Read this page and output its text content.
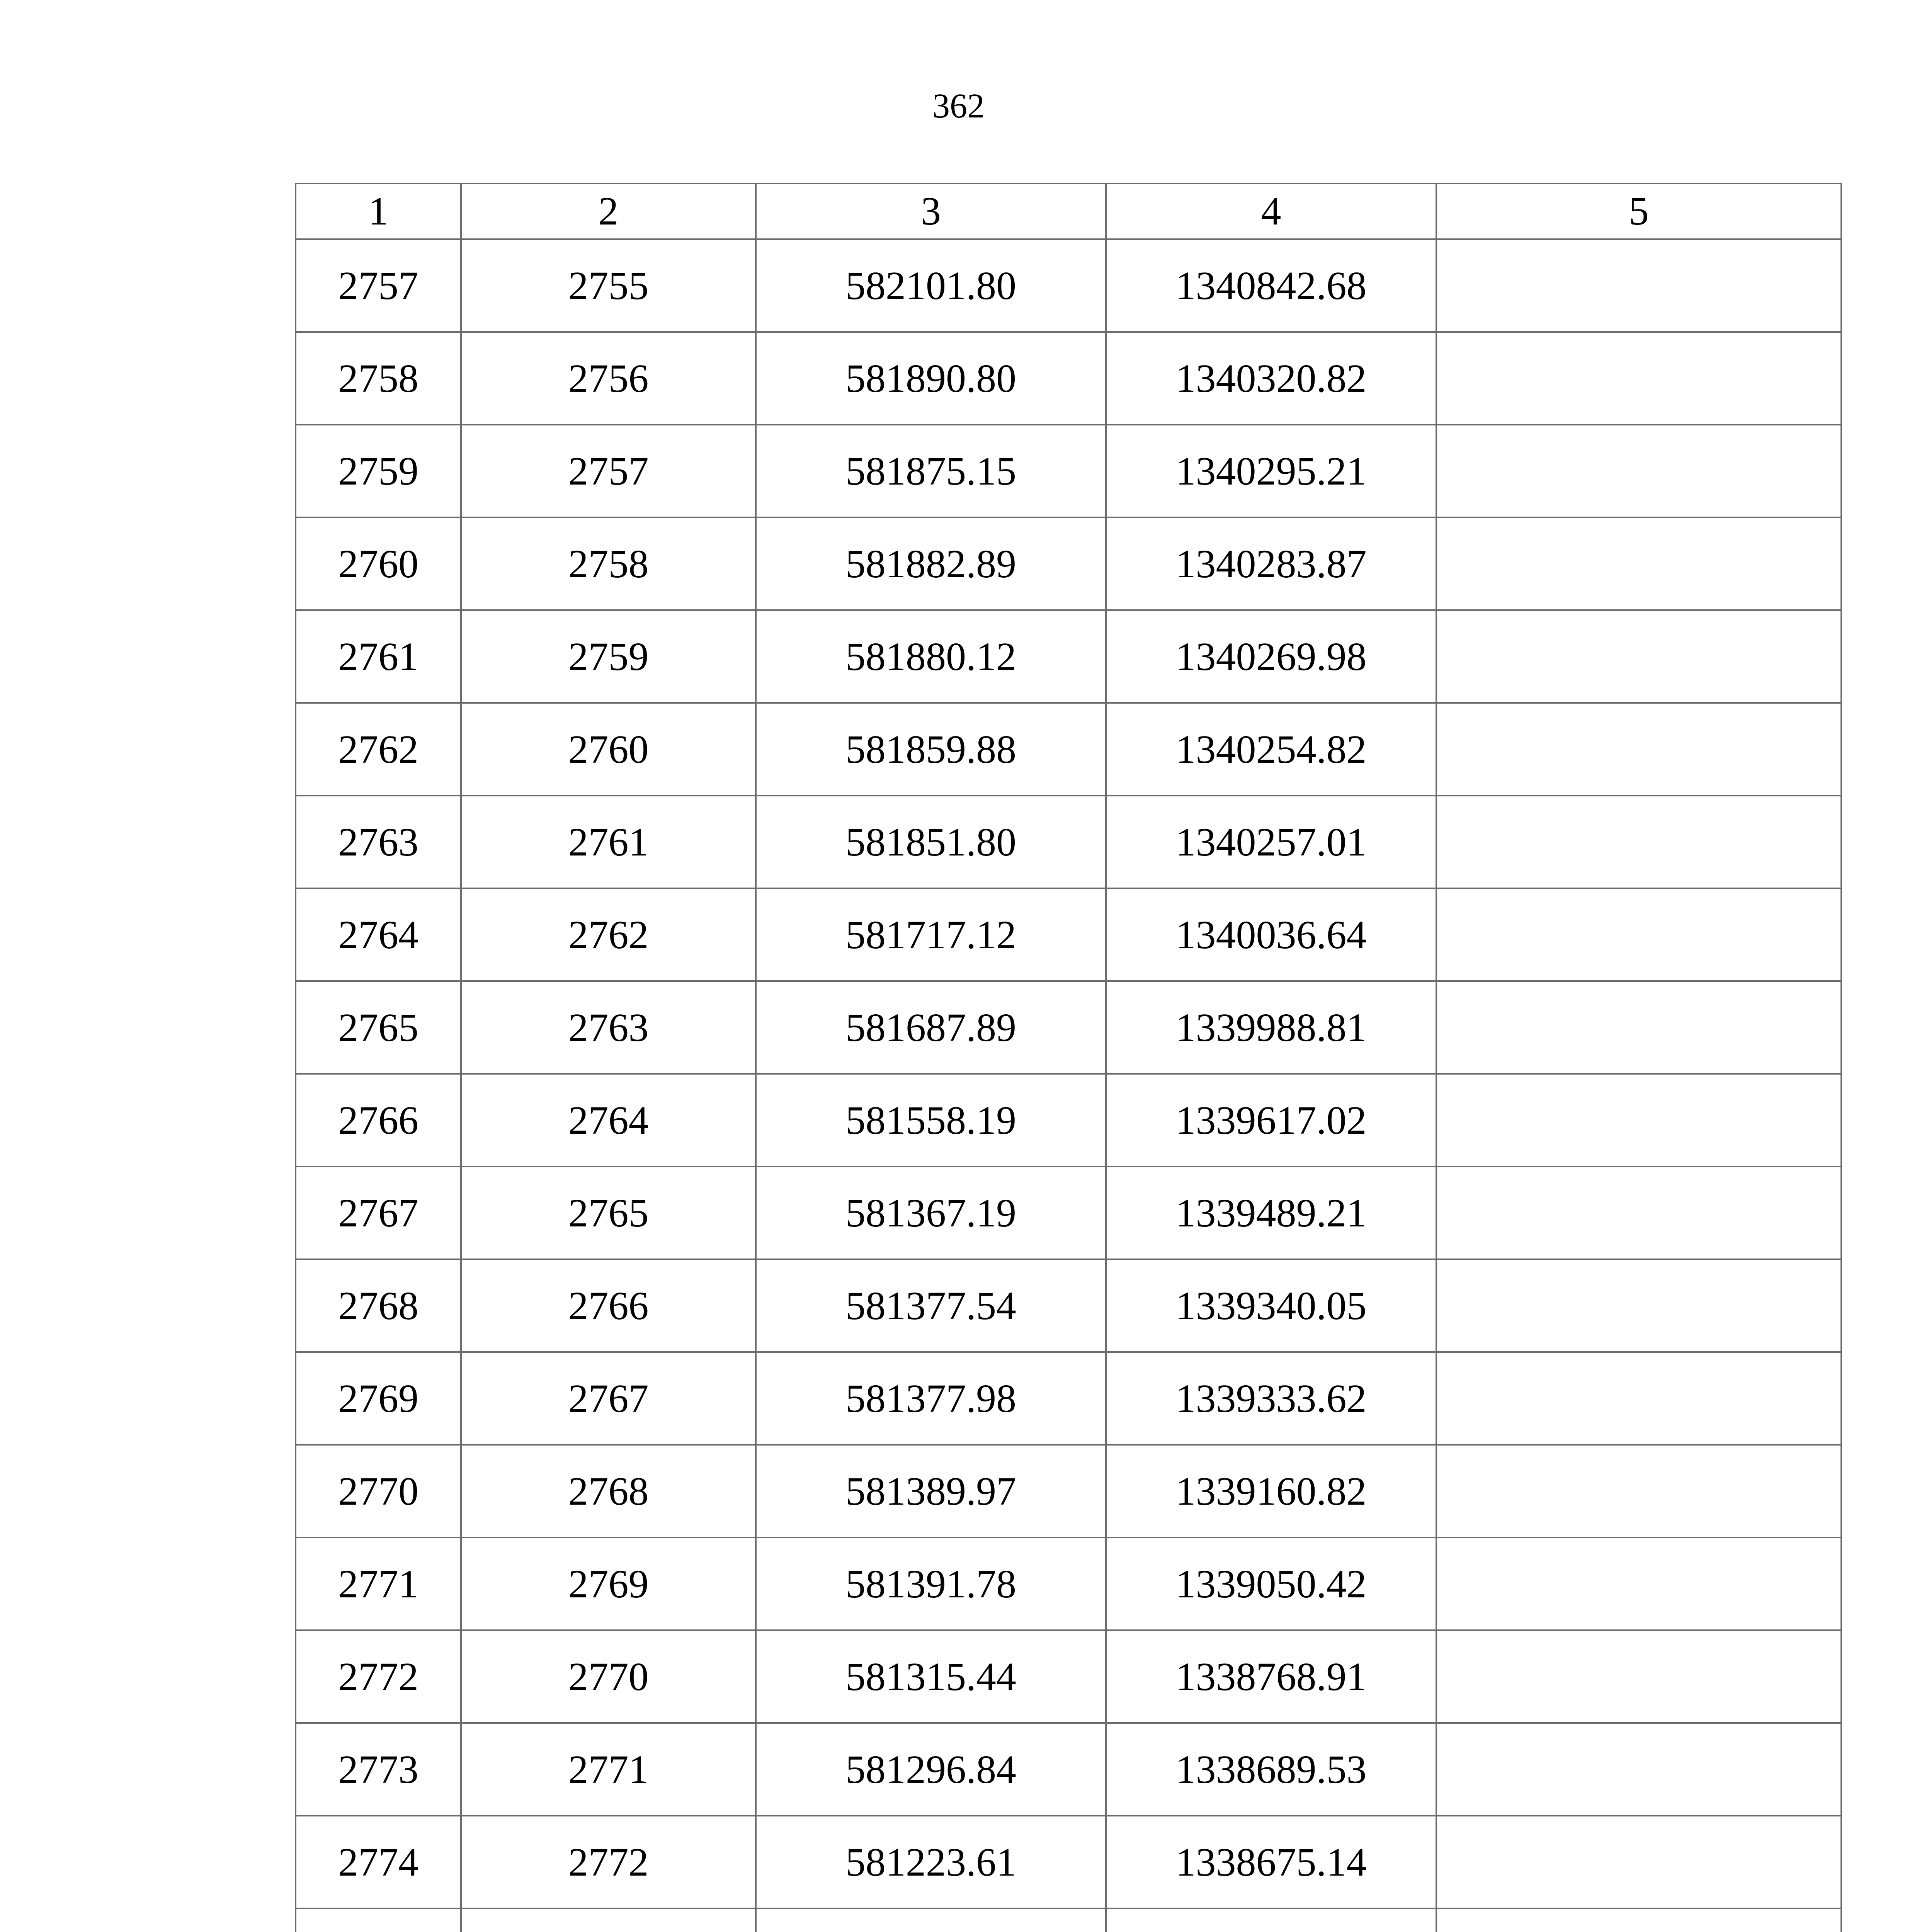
362
1	2	3	4	5
2757	2755	582101.80	1340842.68	
2758	2756	581890.80	1340320.82	
2759	2757	581875.15	1340295.21	
2760	2758	581882.89	1340283.87	
2761	2759	581880.12	1340269.98	
2762	2760	581859.88	1340254.82	
2763	2761	581851.80	1340257.01	
2764	2762	581717.12	1340036.64	
2765	2763	581687.89	1339988.81	
2766	2764	581558.19	1339617.02	
2767	2765	581367.19	1339489.21	
2768	2766	581377.54	1339340.05	
2769	2767	581377.98	1339333.62	
2770	2768	581389.97	1339160.82	
2771	2769	581391.78	1339050.42	
2772	2770	581315.44	1338768.91	
2773	2771	581296.84	1338689.53	
2774	2772	581223.61	1338675.14	
